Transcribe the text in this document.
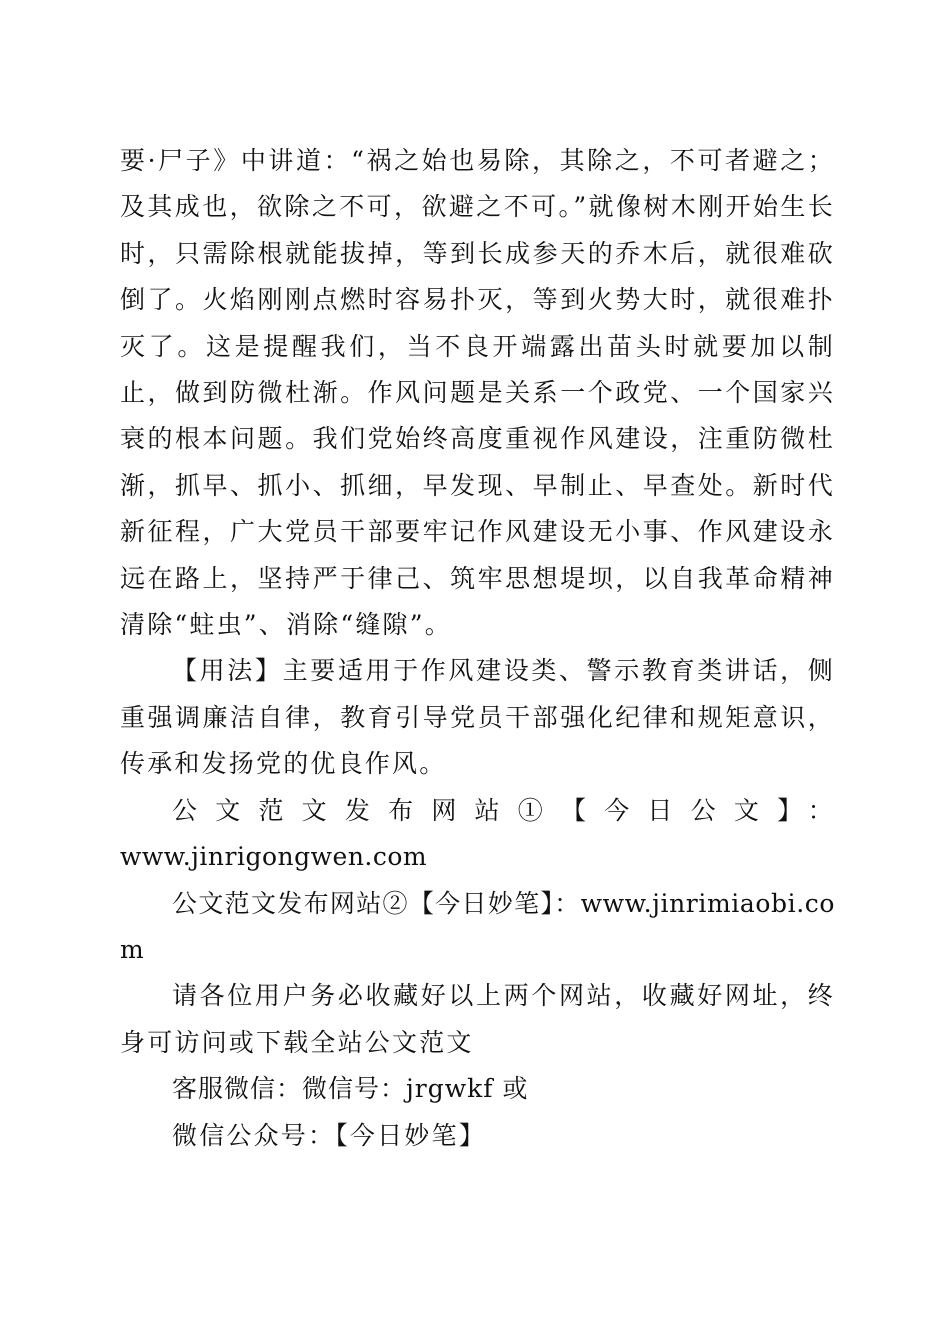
要·尸子》中讲道：“祸之始也易除，其除之，不可者避之；及其成也，欲除之不可，欲避之不可。”就像树木刚开始生长时，只需除根就能拔掉，等到长成参天的乔木后，就很难砍倒了。火焰刚刚点燃时容易扑灭，等到火势大时，就很难扑灭了。这是提醒我们，当不良开端露出苗头时就要加以制止，做到防微杜渐。作风问题是关系一个政党、一个国家兴衰的根本问题。我们党始终高度重视作风建设，注重防微杜渐，抓早、抓小、抓细，早发现、早制止、早查处。新时代新征程，广大党员干部要牢记作风建设无小事、作风建设永远在路上，坚持严于律己、筑牢思想堤坝，以自我革命精神清除“蛀虫”、消除“缝隙”。

【用法】主要适用于作风建设类、警示教育类讲话，侧重强调廉洁自律，教育引导党员干部强化纪律和规矩意识，传承和发扬党的优良作风。

公文范文发布网站①【今日公文】：

www.jinrigongwen.com

公文范文发布网站②【今日妙笔】：www.jinrimiaobi.com

请各位用户务必收藏好以上两个网站，收藏好网址，终身可访问或下载全站公文范文

客服微信：微信号：jrgwkf 或

微信公众号：【今日妙笔】
